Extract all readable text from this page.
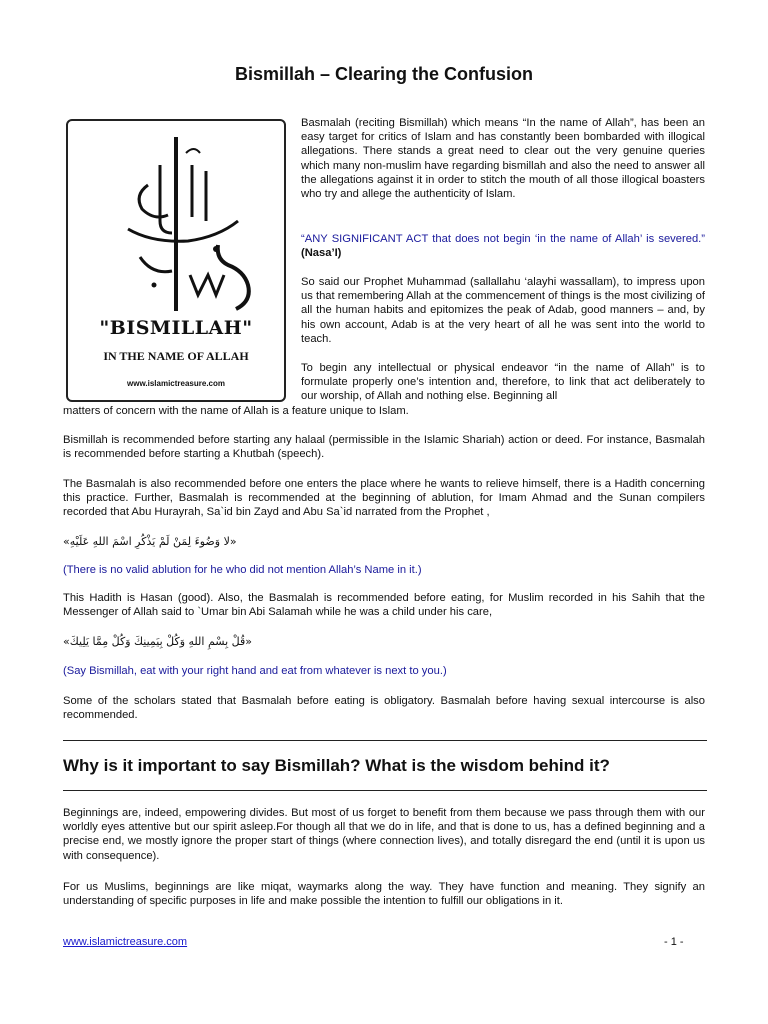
Bismillah – Clearing the Confusion
"BISMILLAH"
IN THE NAME OF ALLAH
www.islamictreasure.com

Basmalah (reciting Bismillah) which means “In the name of Allah”, has been an easy target for critics of Islam and has constantly been bombarded with illogical allegations. There stands a great need to clear out the very genuine queries which many non-muslim have regarding bismillah and also the need to answer all the allegations against it in order to stitch the mouth of all those illogical boasters who try and allege the authenticity of Islam.

“ANY SIGNIFICANT ACT that does not begin ‘in the name of Allah’ is severed.” (Nasa’I)

So said our Prophet Muhammad (sallallahu ‘alayhi wassallam), to impress upon us that remembering Allah at the commencement of things is the most civilizing of all the human habits and epitomizes the peak of Adab, good manners – and, by his own account, Adab is at the very heart of all he was sent into the world to teach.

To begin any intellectual or physical endeavor “in the name of Allah” is to formulate properly one’s intention and, therefore, to link that act deliberately to our worship, of Allah and nothing else. Beginning all

matters of concern with the name of Allah is a feature unique to Islam.

Bismillah is recommended before starting any halaal (permissible in the Islamic Shariah) action or deed. For instance, Basmalah is recommended before starting a Khutbah (speech).

The Basmalah is also recommended before one enters the place where he wants to relieve himself, there is a Hadith concerning this practice. Further, Basmalah is recommended at the beginning of ablution, for Imam Ahmad and the Sunan compilers recorded that Abu Hurayrah, Sa`id bin Zayd and Abu Sa`id narrated from the Prophet ,

«لا وَضُوءَ لِمَنْ لَمْ يَذْكُرِ اسْمَ اللهِ عَلَيْهِ»

(There is no valid ablution for he who did not mention Allah’s Name in it.)

This Hadith is Hasan (good). Also, the Basmalah is recommended before eating, for Muslim recorded in his Sahih that the Messenger of Allah said to `Umar bin Abi Salamah while he was a child under his care,

«قُلْ بِسْمِ اللهِ وَكُلْ بِيَمِينِكَ وَكُلْ مِمَّا يَلِيكَ»

(Say Bismillah, eat with your right hand and eat from whatever is next to you.)

Some of the scholars stated that Basmalah before eating is obligatory. Basmalah before having sexual intercourse is also recommended.

Why is it important to say Bismillah? What is the wisdom behind it?

Beginnings are, indeed, empowering divides. But most of us forget to benefit from them because we pass through them with our worldly eyes attentive but our spirit asleep.For though all that we do in life, and that is done to us, has a defined beginning and a precise end, we mostly ignore the proper start of things (where connection lives), and totally disregard the end (until it is upon us with consequence).

For us Muslims, beginnings are like miqat, waymarks along the way. They have function and meaning. They signify an understanding of specific purposes in life and make possible the intention to fulfill our obligations in it.

www.islamictreasure.com	- 1 -
